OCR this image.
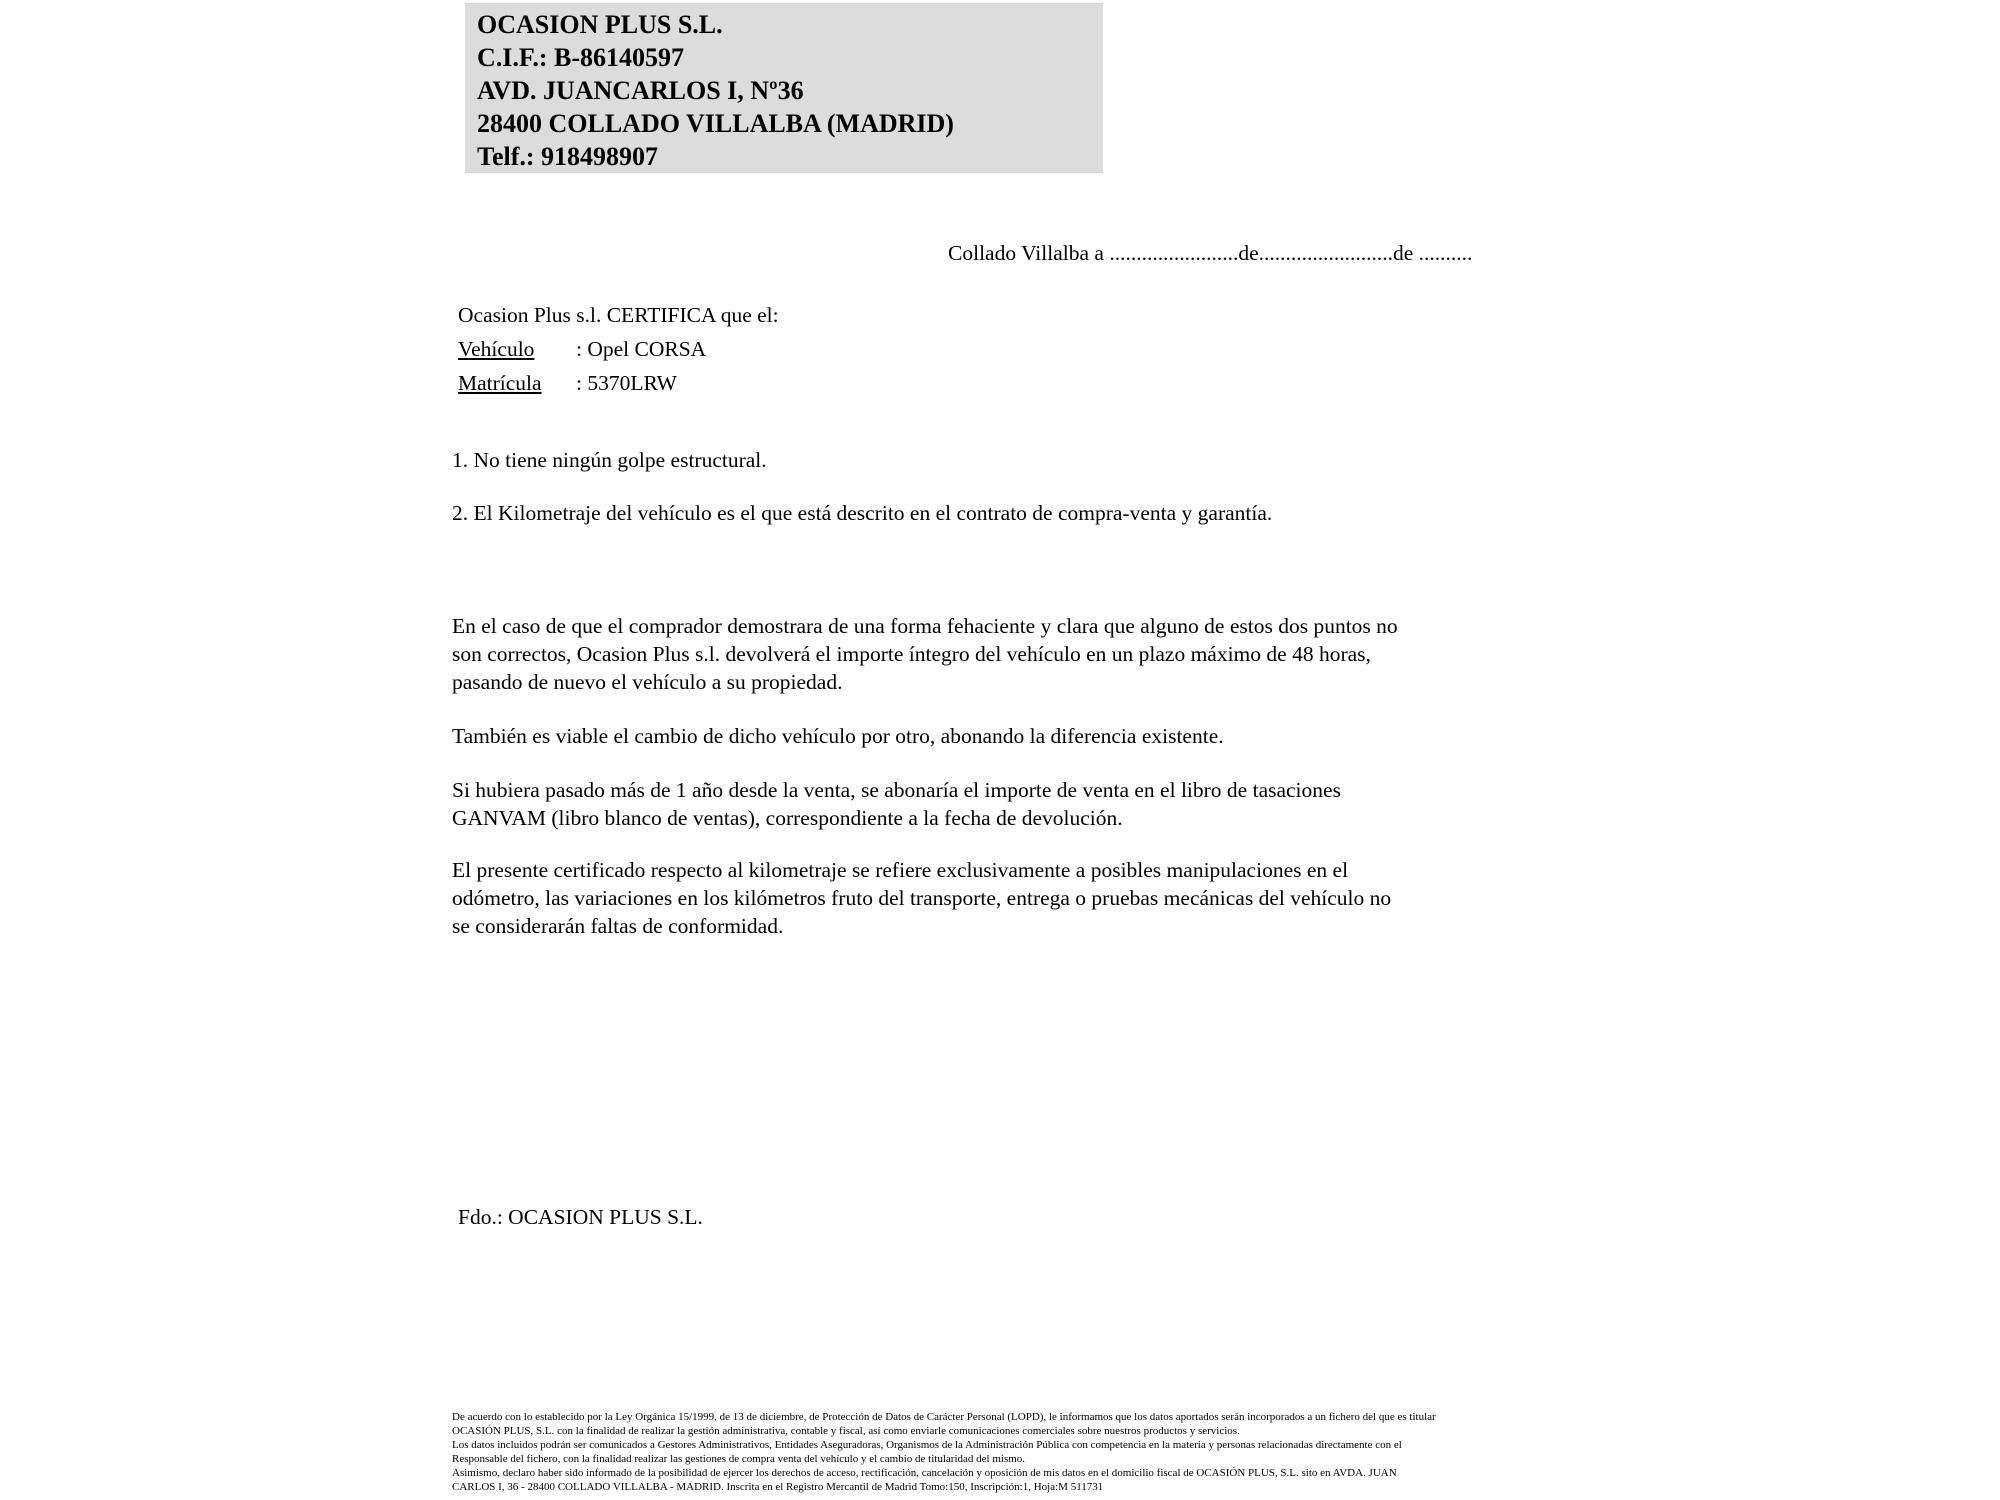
OCASION PLUS S.L.
C.I.F.: B-86140597
AVD. JUANCARLOS I, Nº36
28400 COLLADO VILLALBA (MADRID)
Telf.: 918498907
Collado Villalba a ........................de.........................de ..........
Ocasion Plus s.l. CERTIFICA que el:
Vehículo : Opel CORSA
Matrícula : 5370LRW
1. No tiene ningún golpe estructural.
2. El Kilometraje del vehículo es el que está descrito en el contrato de compra-venta y garantía.
En el caso de que el comprador demostrara de una forma fehaciente y clara que alguno de estos dos puntos no
son correctos, Ocasion Plus s.l. devolverá el importe íntegro del vehículo en un plazo máximo de 48 horas,
pasando de nuevo el vehículo a su propiedad.
También es viable el cambio de dicho vehículo por otro, abonando la diferencia existente.
Si hubiera pasado más de 1 año desde la venta, se abonaría el importe de venta en el libro de tasaciones
GANVAM (libro blanco de ventas), correspondiente a la fecha de devolución.
El presente certificado respecto al kilometraje se refiere exclusivamente a posibles manipulaciones en el
odómetro, las variaciones en los kilómetros fruto del transporte, entrega o pruebas mecánicas del vehículo no
se considerarán faltas de conformidad.
Fdo.: OCASION PLUS S.L.
De acuerdo con lo establecido por la Ley Orgánica 15/1999, de 13 de diciembre, de Protección de Datos de Carácter Personal (LOPD), le informamos que los datos aportados serán incorporados a un fichero del que es titular
OCASIÓN PLUS, S.L. con la finalidad de realizar la gestión administrativa, contable y fiscal, así como enviarle comunicaciones comerciales sobre nuestros productos y servicios.
Los datos incluidos podrán ser comunicados a Gestores Administrativos, Entidades Aseguradoras, Organismos de la Administración Pública con competencia en la materia y personas relacionadas directamente con el
Responsable del fichero, con la finalidad realizar las gestiones de compra venta del vehículo y el cambio de titularidad del mismo.
Asimismo, declaro haber sido informado de la posibilidad de ejercer los derechos de acceso, rectificación, cancelación y oposición de mis datos en el domicilio fiscal de OCASIÓN PLUS, S.L. sito en AVDA. JUAN
CARLOS I, 36 - 28400 COLLADO VILLALBA - MADRID. Inscrita en el Registro Mercantil de Madrid Tomo:150, Inscripción:1, Hoja:M 511731
